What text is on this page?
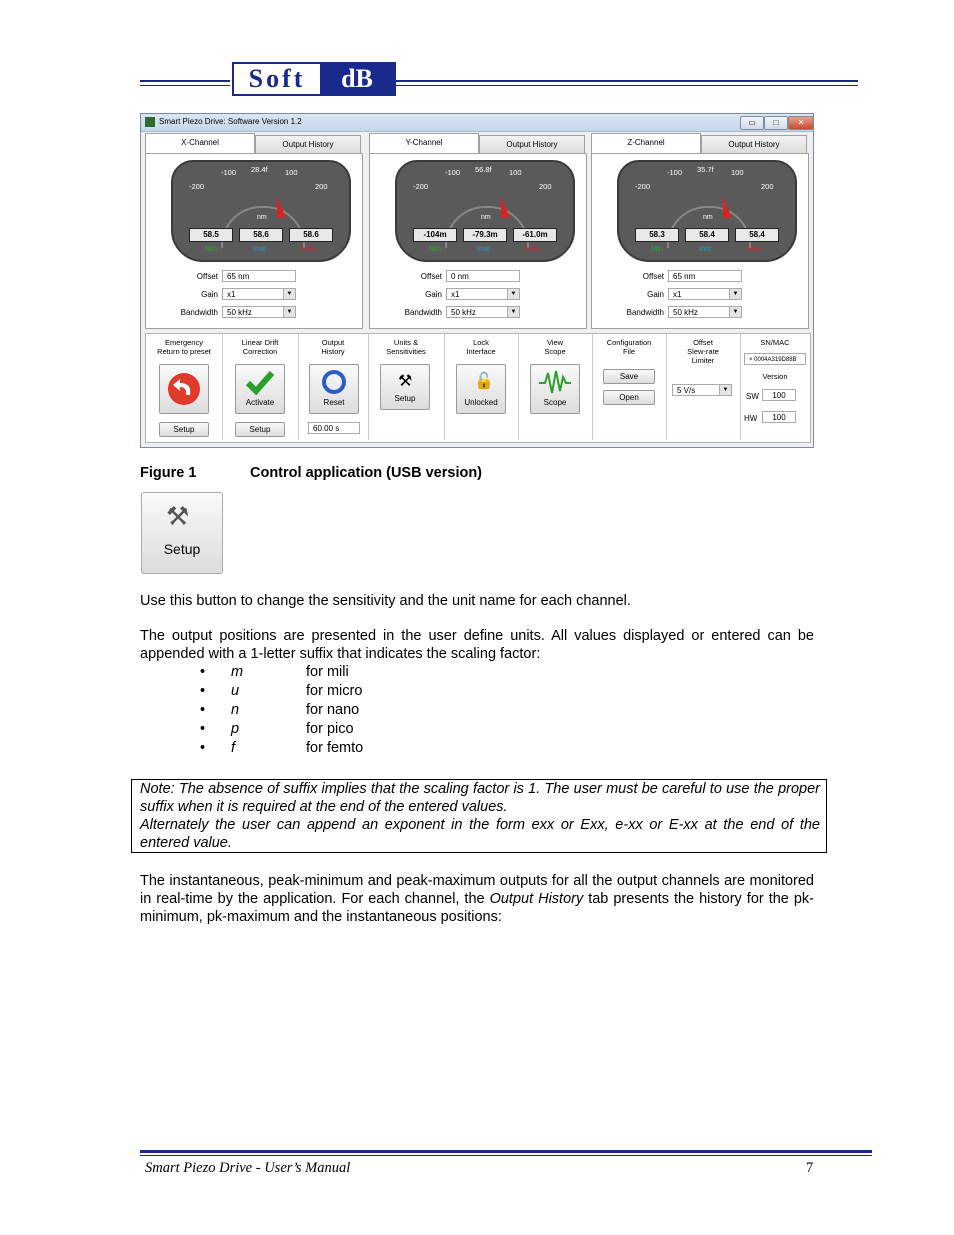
Soft	dB
Smart Piezo Drive: Software Version 1.2	▭	□	✕
X-Channel	Output History
-200
-100 28.4f 100
200
nm
58.5	58.6	58.6
Min	Inst	Max
Offset	65 nm
Gain	x1	▼
Bandwidth	50 kHz	▼
Y-Channel	Output History
-200
-100 56.8f 100
200
nm
-104m	-79.3m	-61.0m
Min	Inst	Max
Offset	0 nm
Gain	x1	▼
Bandwidth	50 kHz	▼
Z-Channel	Output History
-200
-100 35.7f 100
200
nm
58.3	58.4	58.4
Min	Inst	Max
Offset	65 nm
Gain	x1	▼
Bandwidth	50 kHz	▼
Emergency
Return to preset
Setup
Linear Drift
Correction
Activate
Setup
Output
History
Reset
60.00 s
Units &
Sensitivities
⚒
Setup
Lock
Interface
🔓
Unlocked
View
Scope
Scope
Configuration
File
Save
Open
Offset
Slew-rate
Limiter
5 V/s	▼
SN/MAC
× 0004A319D88B
Version
SW	100
HW	100
Figure 1	Control application (USB version)
⚒
Setup
Use this button to change the sensitivity and the unit name for each channel.
The output positions are presented in the user define units. All values displayed or entered can be appended with a 1-letter suffix that indicates the scaling factor:
• m	for mili
• u	for micro
• n	for nano
• p	for pico
• f	for femto
Note: The absence of suffix implies that the scaling factor is 1. The user must be careful to use the proper suffix when it is required at the end of the entered values.
Alternately the user can append an exponent in the form exx or Exx, e-xx or E-xx at the end of the entered value.
The instantaneous, peak-minimum and peak-maximum outputs for all the output channels are monitored in real-time by the application. For each channel, the Output History tab presents the history for the pk-minimum, pk-maximum and the instantaneous positions:
Smart Piezo Drive - User’s Manual	7
